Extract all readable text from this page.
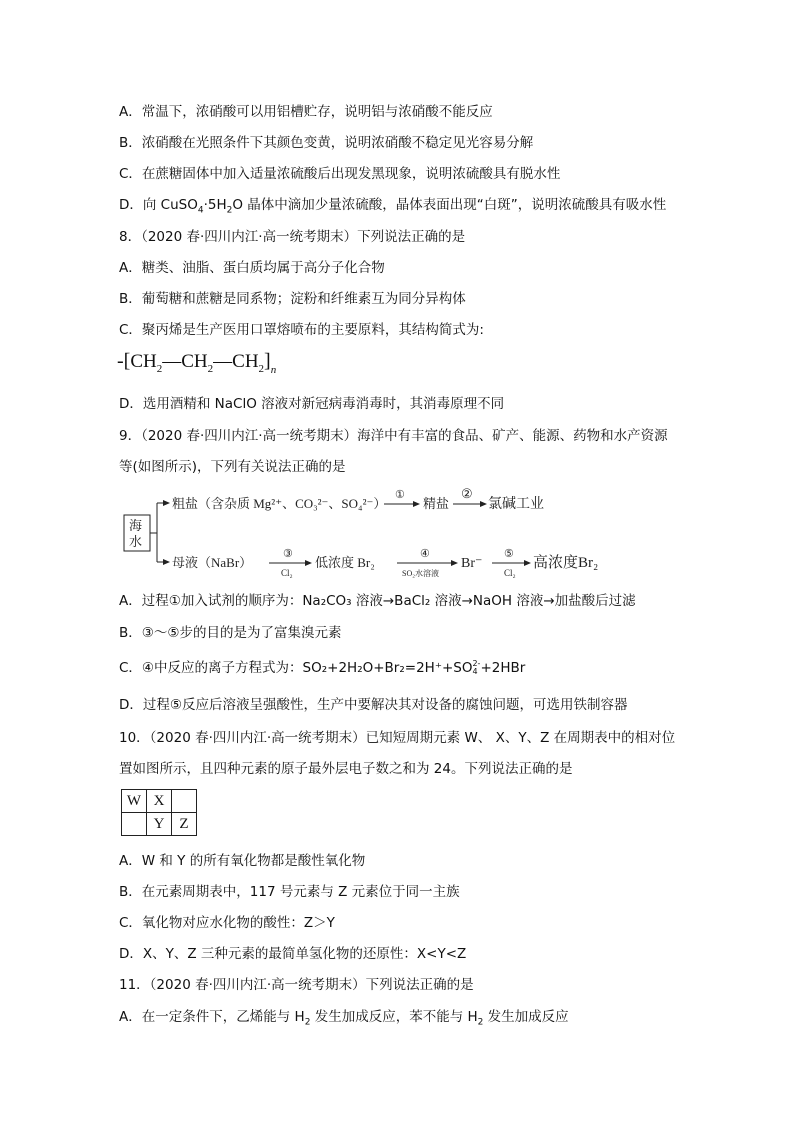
A．常温下，浓硝酸可以用铝槽贮存，说明铝与浓硝酸不能反应
B．浓硝酸在光照条件下其颜色变黄，说明浓硝酸不稳定见光容易分解
C．在蔗糖固体中加入适量浓硫酸后出现发黑现象，说明浓硫酸具有脱水性
D．向 $CuSO_4\cdot 5H_2O$ 晶体中滴加少量浓硫酸，晶体表面出现“白斑”，说明浓硫酸具有吸水性
8．（2020 春·四川内江·高一统考期末）下列说法正确的是
A．糖类、油脂、蛋白质均属于高分子化合物
B．葡萄糖和蔗糖是同系物；淀粉和纤维素互为同分异构体
C．聚丙烯是生产医用口罩熔喷布的主要原料，其结构简式为:
$-[CH_2—CH_2—CH_2]_n$
D．选用酒精和 NaClO 溶液对新冠病毒消毒时，其消毒原理不同
9．（2020 春·四川内江·高一统考期末）海洋中有丰富的食品、矿产、能源、药物和水产资源
等(如图所示)，下列有关说法正确的是
海
水
粗盐（含杂质 Mg²⁺、CO₃²⁻、SO₄²⁻）
①
精盐
②
氯碱工业
母液（NaBr）
③
Cl₂
低浓度 Br₂
④
SO₂水溶液
Br⁻
⑤
Cl₂
高浓度Br₂
A．过程①加入试剂的顺序为：Na₂CO₃ 溶液→BaCl₂ 溶液→NaOH 溶液→加盐酸后过滤
B．③～⑤步的目的是为了富集溴元素
C．④中反应的离子方程式为：SO₂+2H₂O+Br₂=2H⁺+SO 2-
4 +2HBr
D．过程⑤反应后溶液呈强酸性，生产中要解决其对设备的腐蚀问题，可选用铁制容器
10．（2020 春·四川内江·高一统考期末）已知短周期元素 W、 X、Y、Z 在周期表中的相对位
置如图所示，且四种元素的原子最外层电子数之和为 24。下列说法正确的是
W	X	
	Y	Z
A．W 和 Y 的所有氧化物都是酸性氧化物
B．在元素周期表中，117 号元素与 Z 元素位于同一主族
C．氧化物对应水化物的酸性：Z＞Y
D．X、Y、Z 三种元素的最简单氢化物的还原性：X<Y<Z
11．（2020 春·四川内江·高一统考期末）下列说法正确的是
A．在一定条件下，乙烯能与 $H_2$ 发生加成反应，苯不能与 $H_2$ 发生加成反应
